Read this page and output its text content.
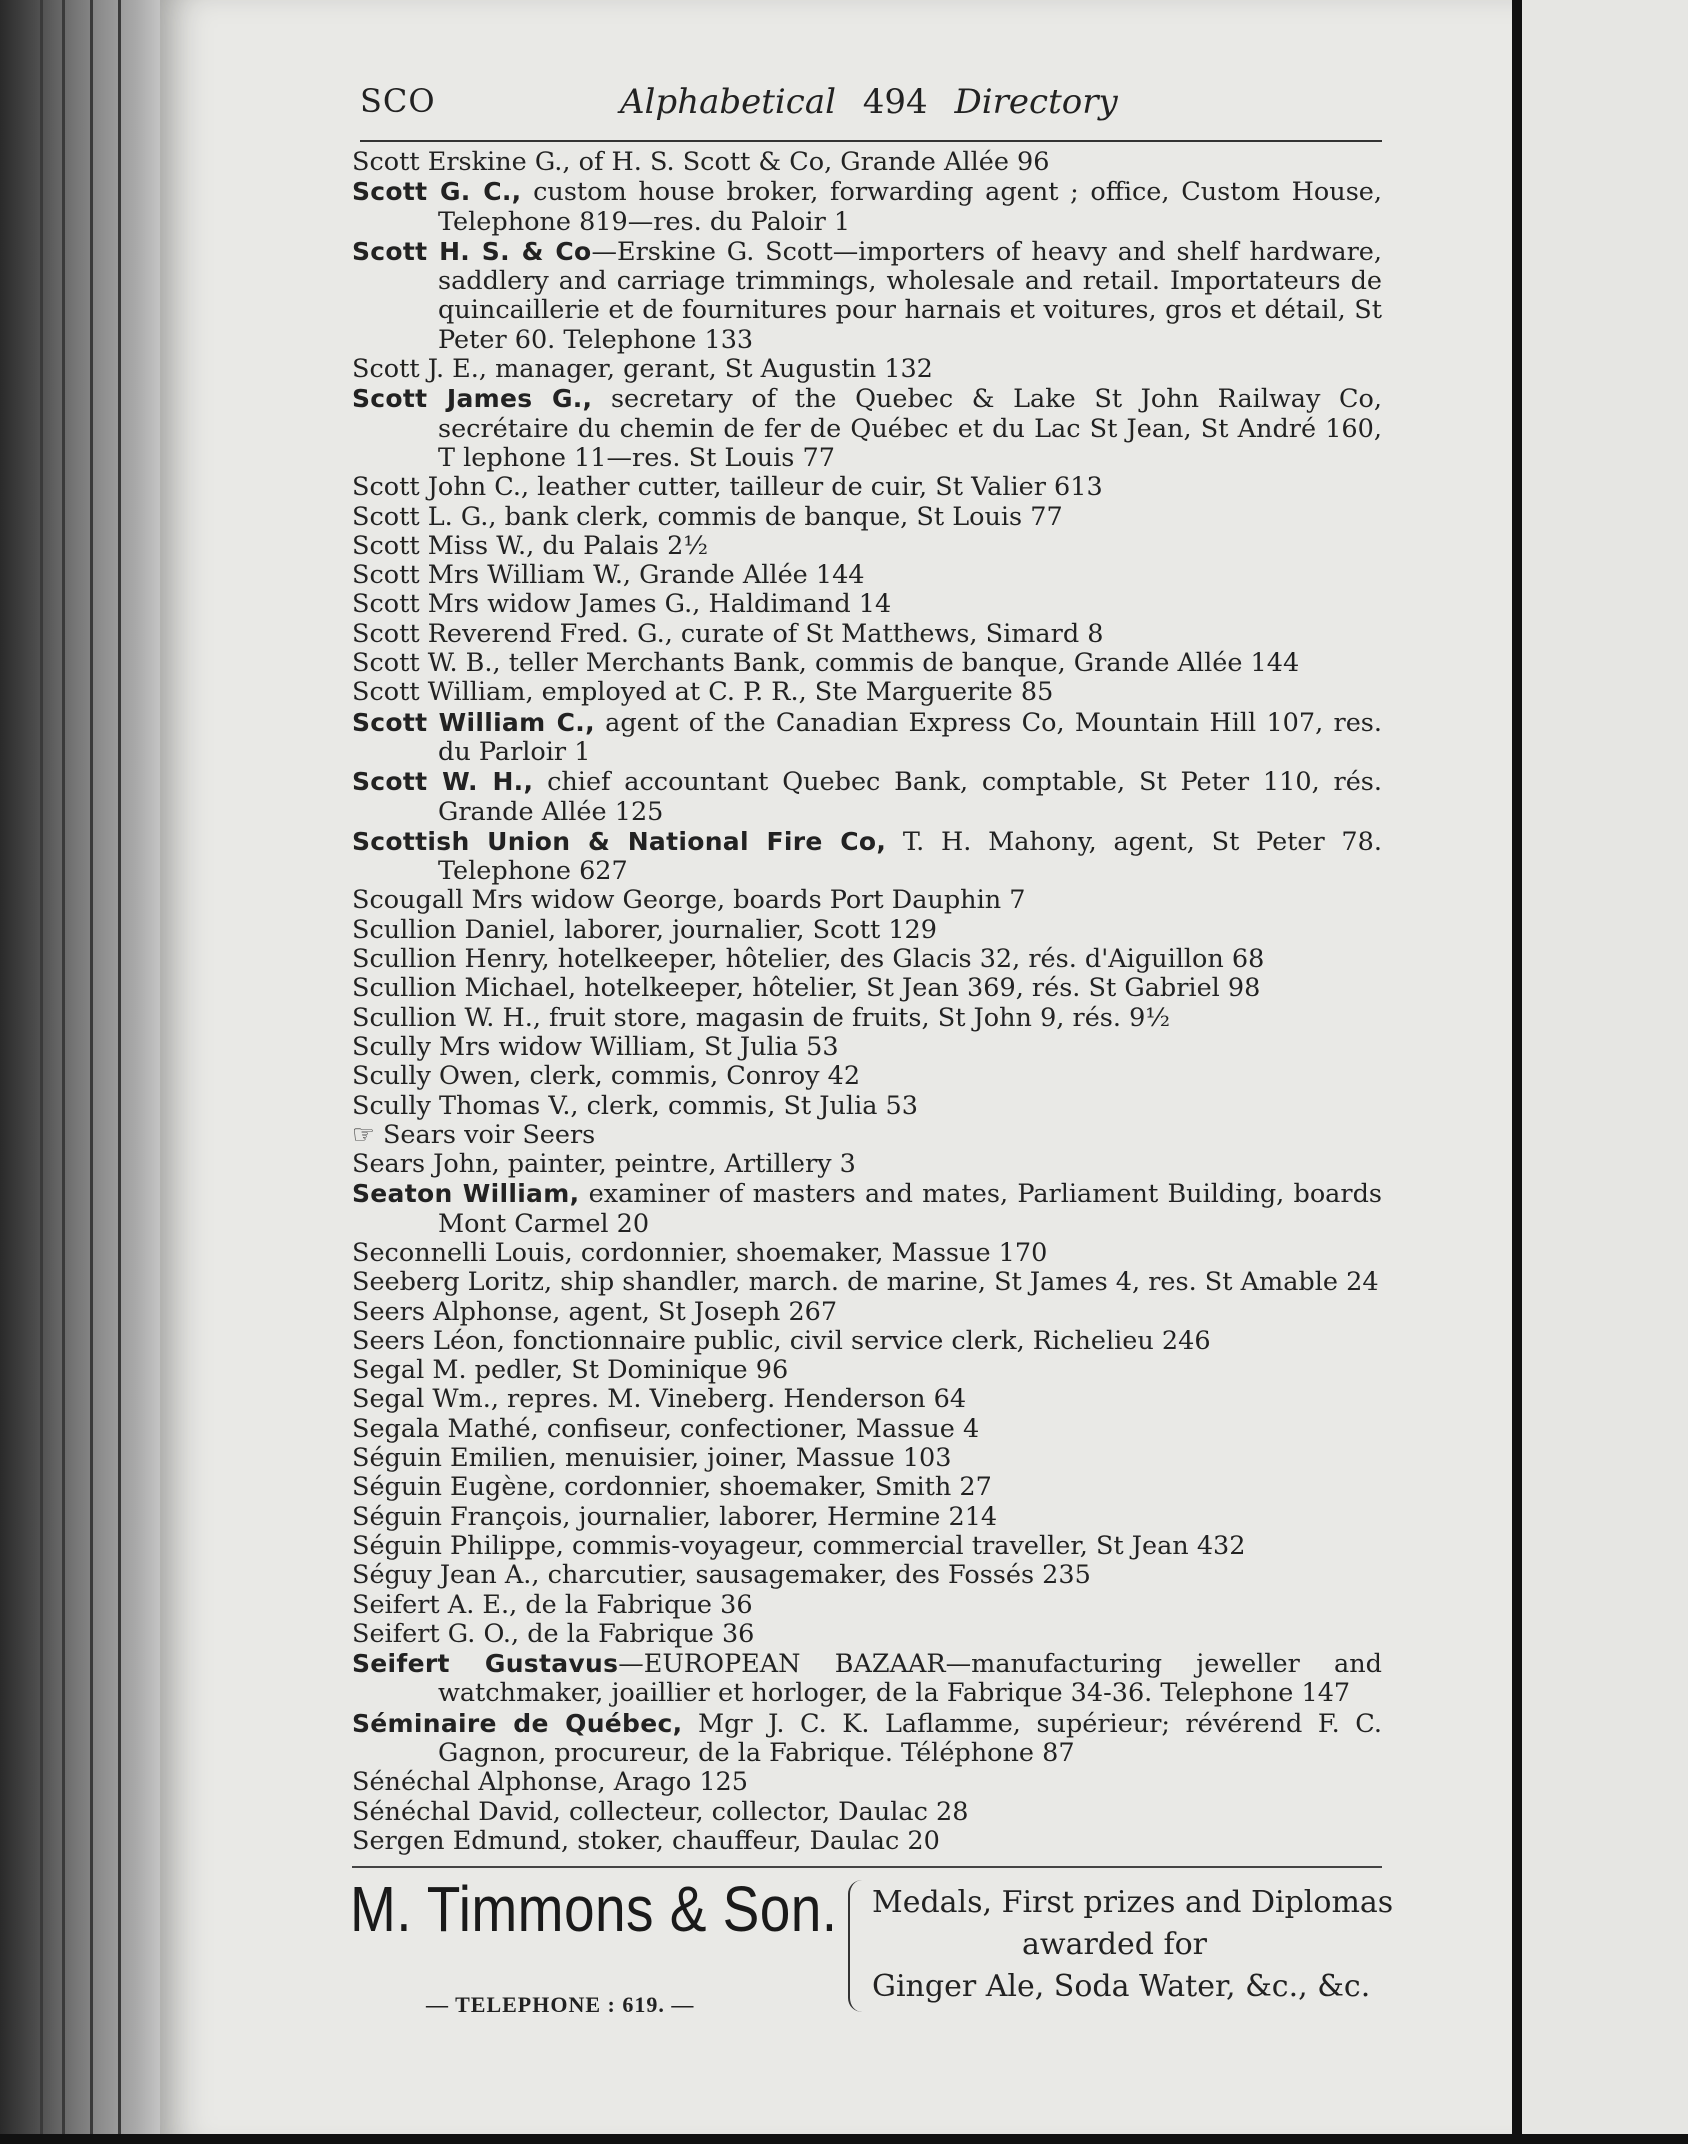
SCO	Alphabetical 494 Directory
Scott Erskine G., of H. S. Scott & Co, Grande Allée 96
Scott G. C., custom house broker, forwarding agent ; office, Custom House, Telephone 819—res. du Paloir 1
Scott H. S. & Co—Erskine G. Scott—importers of heavy and shelf hardware, saddlery and carriage trimmings, wholesale and retail. Importateurs de quincaillerie et de fournitures pour harnais et voitures, gros et détail, St Peter 60. Telephone 133
Scott J. E., manager, gerant, St Augustin 132
Scott James G., secretary of the Quebec & Lake St John Railway Co, secrétaire du chemin de fer de Québec et du Lac St Jean, St André 160, T lephone 11—res. St Louis 77
Scott John C., leather cutter, tailleur de cuir, St Valier 613
Scott L. G., bank clerk, commis de banque, St Louis 77
Scott Miss W., du Palais 2½
Scott Mrs William W., Grande Allée 144
Scott Mrs widow James G., Haldimand 14
Scott Reverend Fred. G., curate of St Matthews, Simard 8
Scott W. B., teller Merchants Bank, commis de banque, Grande Allée 144
Scott William, employed at C. P. R., Ste Marguerite 85
Scott William C., agent of the Canadian Express Co, Mountain Hill 107, res. du Parloir 1
Scott W. H., chief accountant Quebec Bank, comptable, St Peter 110, rés. Grande Allée 125
Scottish Union & National Fire Co, T. H. Mahony, agent, St Peter 78. Telephone 627
Scougall Mrs widow George, boards Port Dauphin 7
Scullion Daniel, laborer, journalier, Scott 129
Scullion Henry, hotelkeeper, hôtelier, des Glacis 32, rés. d'Aiguillon 68
Scullion Michael, hotelkeeper, hôtelier, St Jean 369, rés. St Gabriel 98
Scullion W. H., fruit store, magasin de fruits, St John 9, rés. 9½
Scully Mrs widow William, St Julia 53
Scully Owen, clerk, commis, Conroy 42
Scully Thomas V., clerk, commis, St Julia 53
☞ Sears voir Seers
Sears John, painter, peintre, Artillery 3
Seaton William, examiner of masters and mates, Parliament Building, boards Mont Carmel 20
Seconnelli Louis, cordonnier, shoemaker, Massue 170
Seeberg Loritz, ship shandler, march. de marine, St James 4, res. St Amable 24
Seers Alphonse, agent, St Joseph 267
Seers Léon, fonctionnaire public, civil service clerk, Richelieu 246
Segal M. pedler, St Dominique 96
Segal Wm., repres. M. Vineberg. Henderson 64
Segala Mathé, confiseur, confectioner, Massue 4
Séguin Emilien, menuisier, joiner, Massue 103
Séguin Eugène, cordonnier, shoemaker, Smith 27
Séguin François, journalier, laborer, Hermine 214
Séguin Philippe, commis-voyageur, commercial traveller, St Jean 432
Séguy Jean A., charcutier, sausagemaker, des Fossés 235
Seifert A. E., de la Fabrique 36
Seifert G. O., de la Fabrique 36
Seifert Gustavus—EUROPEAN BAZAAR—manufacturing jeweller and watchmaker, joaillier et horloger, de la Fabrique 34-36. Telephone 147
Séminaire de Québec, Mgr J. C. K. Laflamme, supérieur; révérend F. C. Gagnon, procureur, de la Fabrique. Téléphone 87
Sénéchal Alphonse, Arago 125
Sénéchal David, collecteur, collector, Daulac 28
Sergen Edmund, stoker, chauffeur, Daulac 20
M. Timmons & Son.
— TELEPHONE : 619. —
Medals, First prizes and Diplomas
awarded for
Ginger Ale, Soda Water, &c., &c.
